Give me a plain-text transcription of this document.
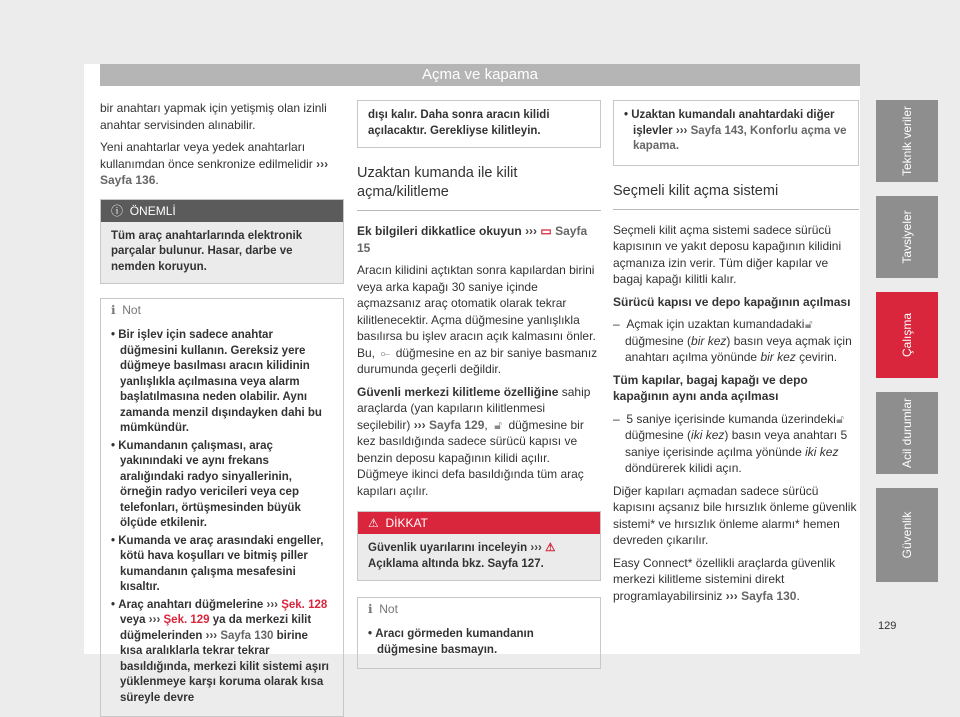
Açma ve kapama

bir anahtarı yapmak için yetişmiş olan izinli anahtar servisinden alınabilir.

Yeni anahtarlar veya yedek anahtarları kullanımdan önce senkronize edilmelidir ››› Sayfa 136.

ⓘ ÖNEMLİ
Tüm araç anahtarlarında elektronik parçalar bulunur. Hasar, darbe ve nemden koruyun.
ℹ Not
• Bir işlev için sadece anahtar düğmesini kullanın. Gereksiz yere düğmeye basılması aracın kilidinin yanlışlıkla açılmasına veya alarm başlatılmasına neden olabilir. Aynı zamanda menzil dışındayken dahi bu mümkündür.
• Kumandanın çalışması, araç yakınındaki ve aynı frekans aralığındaki radyo sinyallerinin, örneğin radyo vericileri veya cep telefonları, örtüşmesinden büyük ölçüde etkilenir.
• Kumanda ve araç arasındaki engeller, kötü hava koşulları ve bitmiş piller kumandanın çalışma mesafesini kısaltır.
• Araç anahtarı düğmelerine ››› Şek. 128 veya ››› Şek. 129 ya da merkezi kilit düğmelerinden ››› Sayfa 130 birine kısa aralıklarla tekrar tekrar basıldığında, merkezi kilit sistemi aşırı yüklenmeye karşı koruma olarak kısa süreyle devre
dışı kalır. Daha sonra aracın kilidi açılacaktır. Gerekliyse kilitleyin.
Uzaktan kumanda ile kilit açma/kilitleme

Ek bilgileri dikkatlice okuyun ››› ▭ Sayfa 15

Aracın kilidini açtıktan sonra kapılardan birini veya arka kapağı 30 saniye içinde açmazsanız araç otomatik olarak tekrar kilitlenecektir. Açma düğmesine yanlışlıkla basılırsa bu işlev aracın açık kalmasını önler. Bu, ⟜ düğmesine en az bir saniye basmanız durumunda geçerli değildir.

Güvenli merkezi kilitleme özelliğine sahip araçlarda (yan kapıların kilitlenmesi seçilebilir) ››› Sayfa 129, 🔓︎ düğmesine bir kez basıldığında sadece sürücü kapısı ve benzin deposu kapağının kilidi açılır. Düğmeye ikinci defa basıldığında tüm araç kapıları açılır.

⚠ DİKKAT
Güvenlik uyarılarını inceleyin ››› ⚠ Açıklama altında bkz. Sayfa 127.
ℹ Not
• Aracı görmeden kumandanın düğmesine basmayın.
• Uzaktan kumandalı anahtardaki diğer işlevler ››› Sayfa 143, Konforlu açma ve kapama.
Seçmeli kilit açma sistemi

Seçmeli kilit açma sistemi sadece sürücü kapısının ve yakıt deposu kapağının kilidini açmanıza izin verir. Tüm diğer kapılar ve bagaj kapağı kilitli kalır.

Sürücü kapısı ve depo kapağının açılması

–  Açmak için uzaktan kumandadaki 🔓︎ düğmesine (bir kez) basın veya açmak için anahtarı açılma yönünde bir kez çevirin.

Tüm kapılar, bagaj kapağı ve depo kapağının aynı anda açılması

–  5 saniye içerisinde kumanda üzerindeki 🔓︎ düğmesine (iki kez) basın veya anahtarı 5 saniye içerisinde açılma yönünde iki kez döndürerek kilidi açın.

Diğer kapıları açmadan sadece sürücü kapısını açsanız bile hırsızlık önleme güvenlik sistemi* ve hırsızlık önleme alarmı* hemen devreden çıkarılır.

Easy Connect* özellikli araçlarda güvenlik merkezi kilitleme sistemini direkt programlayabilirsiniz ››› Sayfa 130.

Teknik veriler
Tavsiyeler
Çalışma
Acil durumlar
Güvenlik
129
